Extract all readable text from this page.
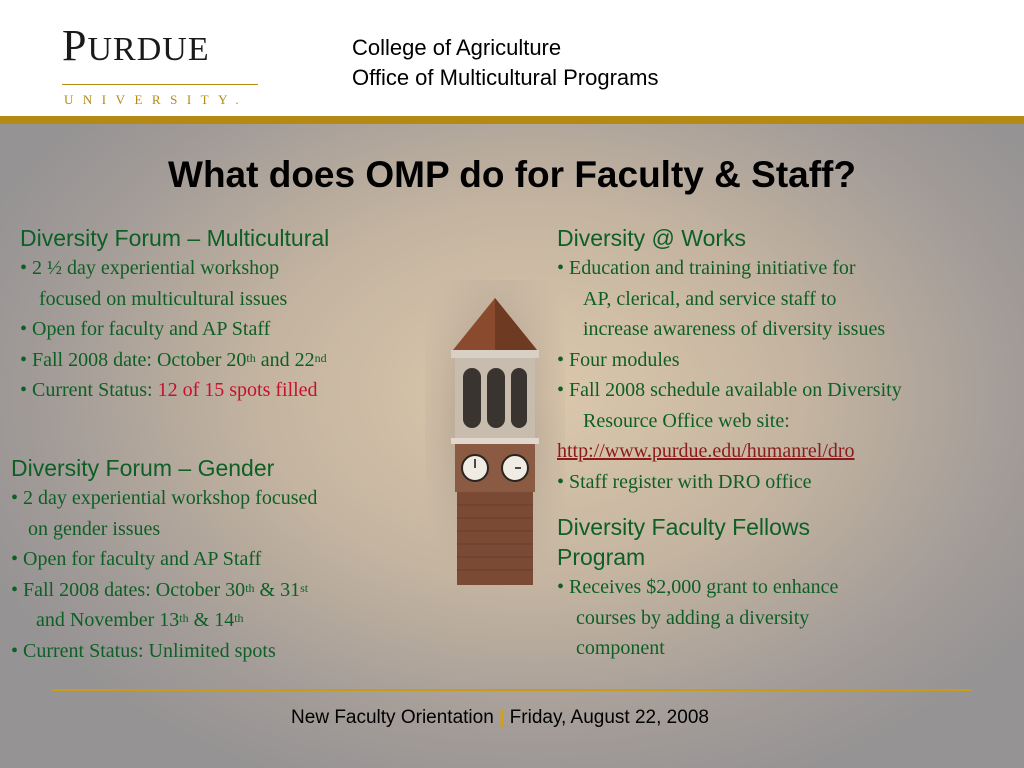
PURDUE
UNIVERSITY.
College of Agriculture
Office of Multicultural Programs
What does OMP do for Faculty & Staff?
Diversity Forum – Multicultural
• 2 ½ day experiential workshop
focused on multicultural issues
• Open for faculty and AP Staff
• Fall 2008 date: October 20th and 22nd
• Current Status: 12 of 15 spots filled
Diversity Forum – Gender
• 2 day experiential workshop focused
on gender issues
• Open for faculty and AP Staff
• Fall 2008 dates: October 30th & 31st
and November 13th & 14th
• Current Status: Unlimited spots
Diversity @ Works
• Education and training initiative for
AP, clerical, and service staff to
increase awareness of diversity issues
• Four modules
• Fall 2008 schedule available on Diversity
Resource Office web site:
http://www.purdue.edu/humanrel/dro
• Staff register with DRO office
Diversity Faculty Fellows
Program
• Receives $2,000 grant to enhance
courses by adding a diversity
component
New Faculty Orientation | Friday, August 22, 2008
